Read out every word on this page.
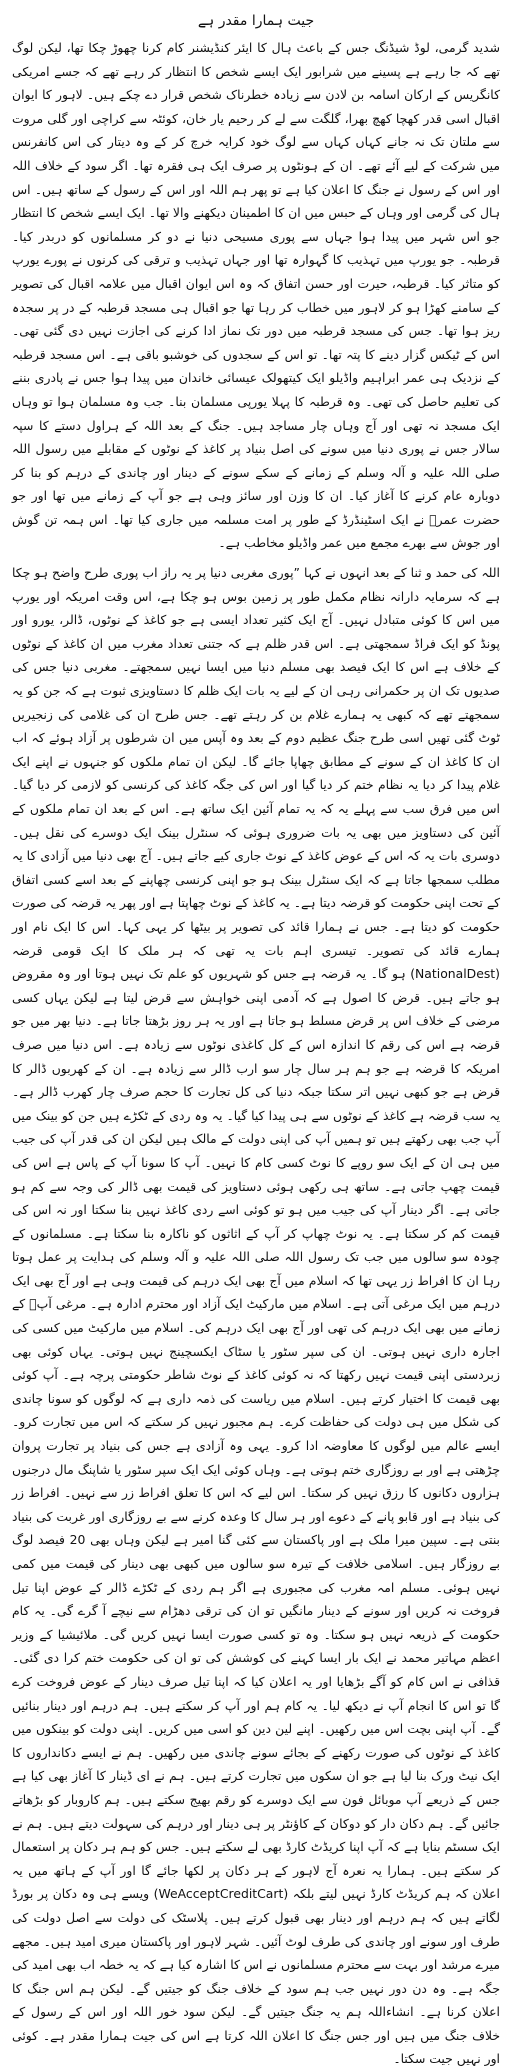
جیت ہمارا مقدر ہے

شدید گرمی، لوڈ شیڈنگ جس کے باعث ہال کا ایئر کنڈیشنر کام کرنا چھوڑ چکا تھا، لیکن لوگ تھے کہ جا رہے ہے پسینے میں شرابور ایک ایسے شخص کا انتظار کر رہے تھے کہ جسے امریکی کانگریس کے ارکان اسامہ بن لادن سے زیادہ خطرناک شخص قرار دے چکے ہیں۔ لاہور کا ایوان اقبال اسی قدر کھچا کھچ بھرا، گلگت سے لے کر رحیم یار خان، کوئٹہ سے کراچی اور گلی مروت سے ملتان تک نہ جانے کہاں کہاں سے لوگ خود کرایہ خرچ کر کے وہ دیتار کی اس کانفرنس میں شرکت کے لیے آئے تھے۔ ان کے ہونٹوں پر صرف ایک ہی فقرہ تھا۔ اگر سود کے خلاف اللہ اور اس کے رسول نے جنگ کا اعلان کیا ہے تو پھر ہم اللہ اور اس کے رسول کے ساتھ ہیں۔ اس ہال کی گرمی اور وہاں کے حبس میں ان کا اطمینان دیکھنے والا تھا۔ ایک ایسے شخص کا انتظار جو اس شہر میں پیدا ہوا جہاں سے پوری مسیحی دنیا نے دو کر مسلمانوں کو دربدر کیا۔ قرطبہ۔ جو یورپ میں تہذیب کا گہوارہ تھا اور جہاں تہذیب و ترقی کی کرنوں نے پورے یورپ کو متاثر کیا۔ قرطبہ، حیرت اور حسن اتفاق کہ وہ اس ایوان اقبال میں علامہ اقبال کی تصویر کے سامنے کھڑا ہو کر لاہور میں خطاب کر رہا تھا جو اقبال ہی مسجد قرطبہ کے در پر سجدہ ریز ہوا تھا۔ جس کی مسجد قرطبہ میں دور تک نماز ادا کرنے کی اجازت نہیں دی گئی تھی۔ اس کے ٹیکس گزار دینے کا پتہ تھا۔ تو اس کے سجدوں کی خوشبو باقی ہے۔ اس مسجد قرطبہ کے نزدیک ہی عمر ابراہیم واڈیلو ایک کیتھولک عیسائی خاندان میں پیدا ہوا جس نے پادری بننے کی تعلیم حاصل کی تھی۔ وہ قرطبہ کا پہلا یورپی مسلمان بنا۔ جب وہ مسلمان ہوا تو وہاں ایک مسجد نہ تھی اور آج وہاں چار مساجد ہیں۔ جنگ کے بعد اللہ کے ہراول دستے کا سپہ سالار جس نے پوری دنیا میں سونے کی اصل بنیاد پر کاغذ کے نوٹوں کے مقابلے میں رسول اللہ صلی اللہ علیہ و آلہ وسلم کے زمانے کے سکے سونے کے دینار اور چاندی کے درہم کو بنا کر دوبارہ عام کرنے کا آغاز کیا۔ ان کا وزن اور سائز وہی ہے جو آپ کے زمانے میں تھا اور جو حضرت عمرؓ نے ایک اسٹینڈرڈ کے طور پر امت مسلمہ میں جاری کیا تھا۔ اس ہمہ تن گوش اور جوش سے بھرے مجمع میں عمر واڈیلو مخاطب ہے۔

اللہ کی حمد و ثنا کے بعد انہوں نے کہا ”پوری مغربی دنیا پر یہ راز اب پوری طرح واضح ہو چکا ہے کہ سرمایہ دارانہ نظام مکمل طور پر زمین بوس ہو چکا ہے، اس وقت امریکہ اور یورپ میں اس کا کوئی متبادل نہیں۔ آج ایک کثیر تعداد ایسی ہے جو کاغذ کے نوٹوں، ڈالر، یورو اور پونڈ کو ایک فراڈ سمجھتی ہے۔ اس قدر ظلم ہے کہ جتنی تعداد مغرب میں ان کاغذ کے نوٹوں کے خلاف ہے اس کا ایک فیصد بھی مسلم دنیا میں ایسا نہیں سمجھتے۔ مغربی دنیا جس کی صدیوں تک ان پر حکمرانی رہی ان کے لیے یہ بات ایک ظلم کا دستاویزی ثبوت ہے کہ جن کو یہ سمجھتے تھے کہ کبھی یہ ہمارے غلام بن کر رہتے تھے۔ جس طرح ان کی غلامی کی زنجیریں ٹوٹ گئی تھیں اسی طرح جنگ عظیم دوم کے بعد وہ آپس میں ان شرطوں پر آزاد ہوئے کہ اب ان کا کاغذ ان کے سونے کے مطابق چھاپا جائے گا۔ لیکن ان تمام ملکوں کو جنہوں نے اپنے ایک غلام پیدا کر دیا یہ نظام ختم کر دیا گیا اور اس کی جگہ کاغذ کی کرنسی کو لازمی کر دیا گیا۔ اس میں فرق سب سے پہلے یہ کہ یہ تمام آئین ایک ساتھ ہے۔ اس کے بعد ان تمام ملکوں کے آئین کی دستاویز میں بھی یہ بات ضروری ہوئی کہ سنٹرل بینک ایک دوسرے کی نقل ہیں۔ دوسری بات یہ کہ اس کے عوض کاغذ کے نوٹ جاری کیے جاتے ہیں۔ آج بھی دنیا میں آزادی کا یہ مطلب سمجھا جاتا ہے کہ ایک سنٹرل بینک ہو جو اپنی کرنسی چھاپنے کے بعد اسے کسی اتفاق کے تحت اپنی حکومت کو قرضہ دیتا ہے۔ یہ کاغذ کے نوٹ چھاپتا ہے اور پھر یہ قرضہ کی صورت حکومت کو دیتا ہے۔ جس نے ہمارا قائد کی تصویر پر بیٹھا کر یہی کہا۔ اس کا ایک نام اور ہمارے قائد کی تصویر۔ تیسری اہم بات یہ تھی کہ ہر ملک کا ایک قومی قرضہ (NationalDest) ہو گا۔ یہ قرضہ ہے جس کو شہریوں کو علم تک نہیں ہوتا اور وہ مقروض ہو جاتے ہیں۔ قرض کا اصول ہے کہ آدمی اپنی خواہش سے قرض لیتا ہے لیکن یہاں کسی مرضی کے خلاف اس پر قرض مسلط ہو جاتا ہے اور یہ ہر روز بڑھتا جاتا ہے۔ دنیا بھر میں جو قرضہ ہے اس کی رقم کا اندازہ اس کے کل کاغذی نوٹوں سے زیادہ ہے۔ اس دنیا میں صرف امریکہ کا قرضہ ہے جو ہم ہر سال چار سو ارب ڈالر سے زیادہ ہے۔ ان کے کھربوں ڈالر کا قرض ہے جو کبھی نہیں اتر سکتا جبکہ دنیا کی کل تجارت کا حجم صرف چار کھرب ڈالر ہے۔ یہ سب قرضہ ہے کاغذ کے نوٹوں سے ہی پیدا کیا گیا۔ یہ وہ ردی کے ٹکڑے ہیں جن کو بینک میں آپ جب بھی رکھتے ہیں تو ہمیں آپ کی اپنی دولت کے مالک ہیں لیکن ان کی قدر آپ کی جیب میں ہی ان کے ایک سو روپے کا نوٹ کسی کام کا نہیں۔ آپ کا سونا آپ کے پاس ہے اس کی قیمت چھپ جاتی ہے۔ ساتھ ہی رکھی ہوئی دستاویز کی قیمت بھی ڈالر کی وجہ سے کم ہو جاتی ہے۔ اگر دینار آپ کی جیب میں ہو تو کوئی اسے ردی کاغذ نہیں بنا سکتا اور نہ اس کی قیمت کم کر سکتا ہے۔ یہ نوٹ چھاپ کر آپ کے اثاثوں کو ناکارہ بنا سکتا ہے۔ مسلمانوں کے چودہ سو سالوں میں جب تک رسول اللہ صلی اللہ علیہ و آلہ وسلم کی ہدایت پر عمل ہوتا رہا ان کا افراط زر یہی تھا کہ اسلام میں آج بھی ایک درہم کی قیمت وہی ہے اور آج بھی ایک درہم میں ایک مرغی آتی ہے۔ اسلام میں مارکیٹ ایک آزاد اور محترم ادارہ ہے۔ مرغی آپؐ کے زمانے میں بھی ایک درہم کی تھی اور آج بھی ایک درہم کی۔ اسلام میں مارکیٹ میں کسی کی اجارہ داری نہیں ہوتی۔ ان کی سپر سٹور یا سٹاک ایکسچینج نہیں ہوتی۔ یہاں کوئی بھی زبردستی اپنی قیمت نہیں رکھتا کہ نہ کوئی کاغذ کے نوٹ شاطر حکومتی پرچہ ہے۔ آپ کوئی بھی قیمت کا اختیار کرتے ہیں۔ اسلام میں ریاست کی ذمہ داری ہے کہ لوگوں کو سونا چاندی کی شکل میں ہی دولت کی حفاظت کرے۔ ہم مجبور نہیں کر سکتے کہ اس میں تجارت کرو۔ ایسے عالم میں لوگوں کا معاوضہ ادا کرو۔ یہی وہ آزادی ہے جس کی بنیاد پر تجارت پروان چڑھتی ہے اور بے روزگاری ختم ہوتی ہے۔ وہاں کوئی ایک ایک سپر سٹور یا شاپنگ مال درجنوں ہزاروں دکانوں کا رزق نہیں کر سکتا۔ اس لیے کہ اس کا تعلق افراط زر سے نہیں۔ افراط زر کی بنیاد ہے اور قابو پانے کے دعوے اور ہر سال کا وعدہ کرنے سے بے روزگاری اور غربت کی بنیاد بنتی ہے۔ سپین میرا ملک ہے اور پاکستان سے کئی گنا امیر ہے لیکن وہاں بھی 20 فیصد لوگ بے روزگار ہیں۔ اسلامی خلافت کے تیرہ سو سالوں میں کبھی بھی دینار کی قیمت میں کمی نہیں ہوئی۔ مسلم امہ مغرب کی مجبوری ہے اگر ہم ردی کے ٹکڑے ڈالر کے عوض اپنا تیل فروخت نہ کریں اور سونے کے دینار مانگیں تو ان کی ترقی دھڑام سے نیچے آ گرے گی۔ یہ کام حکومت کے ذریعہ نہیں ہو سکتا۔ وہ تو کسی صورت ایسا نہیں کریں گی۔ ملائیشیا کے وزیر اعظم مہاتیر محمد نے ایک بار ایسا کہنے کی کوشش کی تو ان کی حکومت ختم کرا دی گئی۔ قذافی نے اس کام کو آگے بڑھایا اور یہ اعلان کیا کہ اپنا تیل صرف دینار کے عوض فروخت کرے گا تو اس کا انجام آپ نے دیکھ لیا۔ یہ کام ہم اور آپ کر سکتے ہیں۔ ہم درہم اور دینار بنائیں گے۔ آپ اپنی بچت اس میں رکھیں۔ اپنے لین دین کو اسی میں کریں۔ اپنی دولت کو بینکوں میں کاغذ کے نوٹوں کی صورت رکھنے کے بجائے سونے چاندی میں رکھیں۔ ہم نے ایسے دکانداروں کا ایک نیٹ ورک بنا لیا ہے جو ان سکوں میں تجارت کرتے ہیں۔ ہم نے ای ڈینار کا آغاز بھی کیا ہے جس کے ذریعے آپ موبائل فون سے ایک دوسرے کو رقم بھیج سکتے ہیں۔ ہم کاروبار کو بڑھاتے جائیں گے۔ ہم دکان دار کو دوکان کے کاؤنٹر پر ہی دینار اور درہم کی سہولت دیتے ہیں۔ ہم نے ایک سسٹم بنایا ہے کہ آپ اپنا کریڈٹ کارڈ بھی لے سکتے ہیں۔ جس کو ہم ہر دکان پر استعمال کر سکتے ہیں۔ ہمارا یہ نعرہ آج لاہور کے ہر دکان پر لکھا جائے گا اور آپ کے ہاتھ میں یہ اعلان کہ ہم کریڈٹ کارڈ نہیں لیتے بلکہ (WeAcceptCreditCart) ویسے ہی وہ دکان پر بورڈ لگاتے ہیں کہ ہم درہم اور دینار بھی قبول کرتے ہیں۔ پلاسٹک کی دولت سے اصل دولت کی طرف اور سونے اور چاندی کی طرف لوٹ آئیں۔ شہر لاہور اور پاکستان میری امید ہیں۔ مجھے میرے مرشد اور بہت سے محترم مسلمانوں نے اس کا اشارہ کیا ہے کہ یہ خطہ اب بھی امید کی جگہ ہے۔ وہ دن دور نہیں جب ہم سود کے خلاف جنگ کو جیتیں گے۔ لیکن ہم اس جنگ کا اعلان کرنا ہے۔ انشاءاللہ ہم یہ جنگ جیتیں گے۔ لیکن سود خور اللہ اور اس کے رسول کے خلاف جنگ میں ہیں اور جس جنگ کا اعلان اللہ کرتا ہے اس کی جیت ہمارا مقدر ہے۔ کوئی اور نہیں جیت سکتا۔
